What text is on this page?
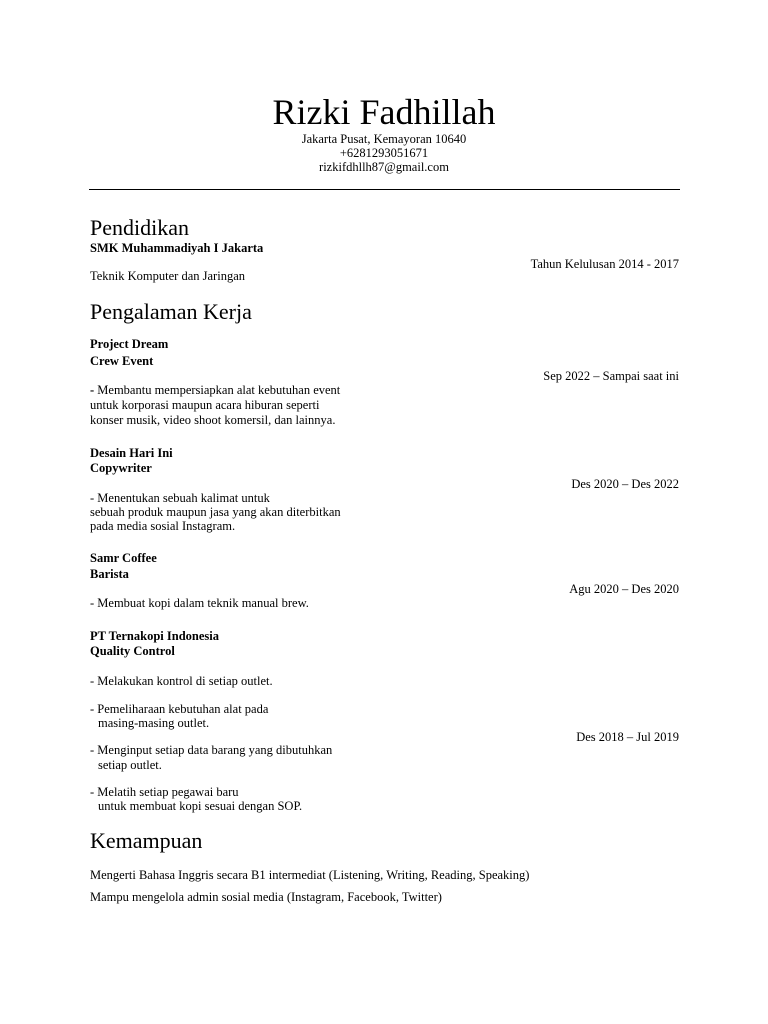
Rizki Fadhillah
Jakarta Pusat, Kemayoran 10640
+6281293051671
rizkifdhllh87@gmail.com
Pendidikan
SMK Muhammadiyah I Jakarta
Tahun Kelulusan 2014 - 2017
Teknik Komputer dan Jaringan
Pengalaman Kerja
Project Dream
Crew Event
Sep 2022 – Sampai saat ini
- Membantu mempersiapkan alat kebutuhan event
untuk korporasi maupun acara hiburan seperti
konser musik, video shoot komersil, dan lainnya.
Desain Hari Ini
Copywriter
Des 2020 – Des 2022
- Menentukan sebuah kalimat untuk
sebuah produk maupun jasa yang akan diterbitkan
pada media sosial Instagram.
Samr Coffee
Barista
Agu 2020 – Des 2020
- Membuat kopi dalam teknik manual brew.
PT Ternakopi Indonesia
Quality Control
- Melakukan kontrol di setiap outlet.
- Pemeliharaan kebutuhan alat pada
masing-masing outlet.
Des 2018 – Jul 2019
- Menginput setiap data barang yang dibutuhkan
setiap outlet.
- Melatih setiap pegawai baru
untuk membuat kopi sesuai dengan SOP.
Kemampuan
Mengerti Bahasa Inggris secara B1 intermediat (Listening, Writing, Reading, Speaking)
Mampu mengelola admin sosial media (Instagram, Facebook, Twitter)
